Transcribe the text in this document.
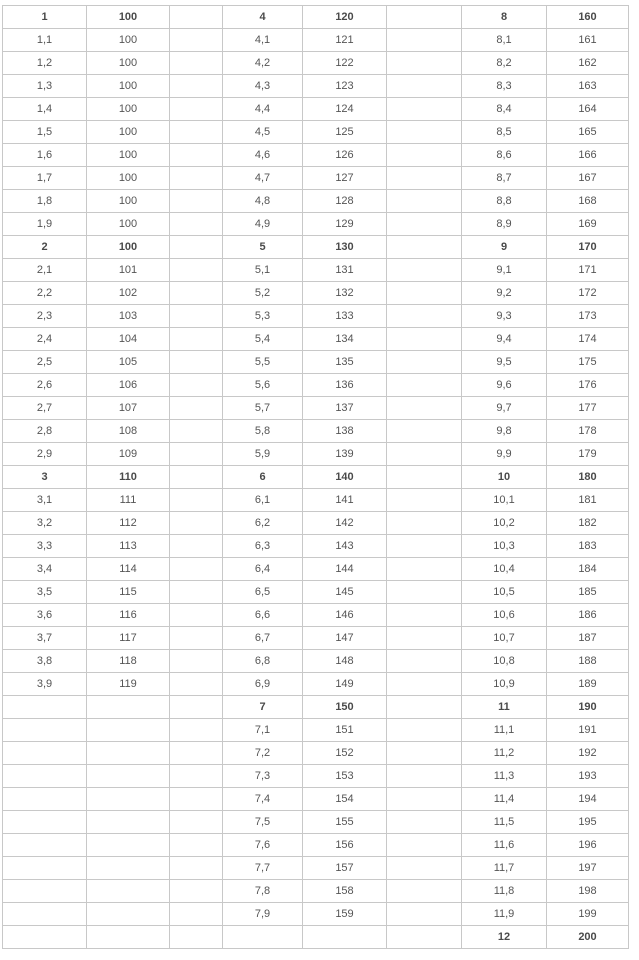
1	100		4	120		8	160
1,1	100		4,1	121		8,1	161
1,2	100		4,2	122		8,2	162
1,3	100		4,3	123		8,3	163
1,4	100		4,4	124		8,4	164
1,5	100		4,5	125		8,5	165
1,6	100		4,6	126		8,6	166
1,7	100		4,7	127		8,7	167
1,8	100		4,8	128		8,8	168
1,9	100		4,9	129		8,9	169
2	100		5	130		9	170
2,1	101		5,1	131		9,1	171
2,2	102		5,2	132		9,2	172
2,3	103		5,3	133		9,3	173
2,4	104		5,4	134		9,4	174
2,5	105		5,5	135		9,5	175
2,6	106		5,6	136		9,6	176
2,7	107		5,7	137		9,7	177
2,8	108		5,8	138		9,8	178
2,9	109		5,9	139		9,9	179
3	110		6	140		10	180
3,1	111		6,1	141		10,1	181
3,2	112		6,2	142		10,2	182
3,3	113		6,3	143		10,3	183
3,4	114		6,4	144		10,4	184
3,5	115		6,5	145		10,5	185
3,6	116		6,6	146		10,6	186
3,7	117		6,7	147		10,7	187
3,8	118		6,8	148		10,8	188
3,9	119		6,9	149		10,9	189
			7	150		11	190
			7,1	151		11,1	191
			7,2	152		11,2	192
			7,3	153		11,3	193
			7,4	154		11,4	194
			7,5	155		11,5	195
			7,6	156		11,6	196
			7,7	157		11,7	197
			7,8	158		11,8	198
			7,9	159		11,9	199
						12	200
